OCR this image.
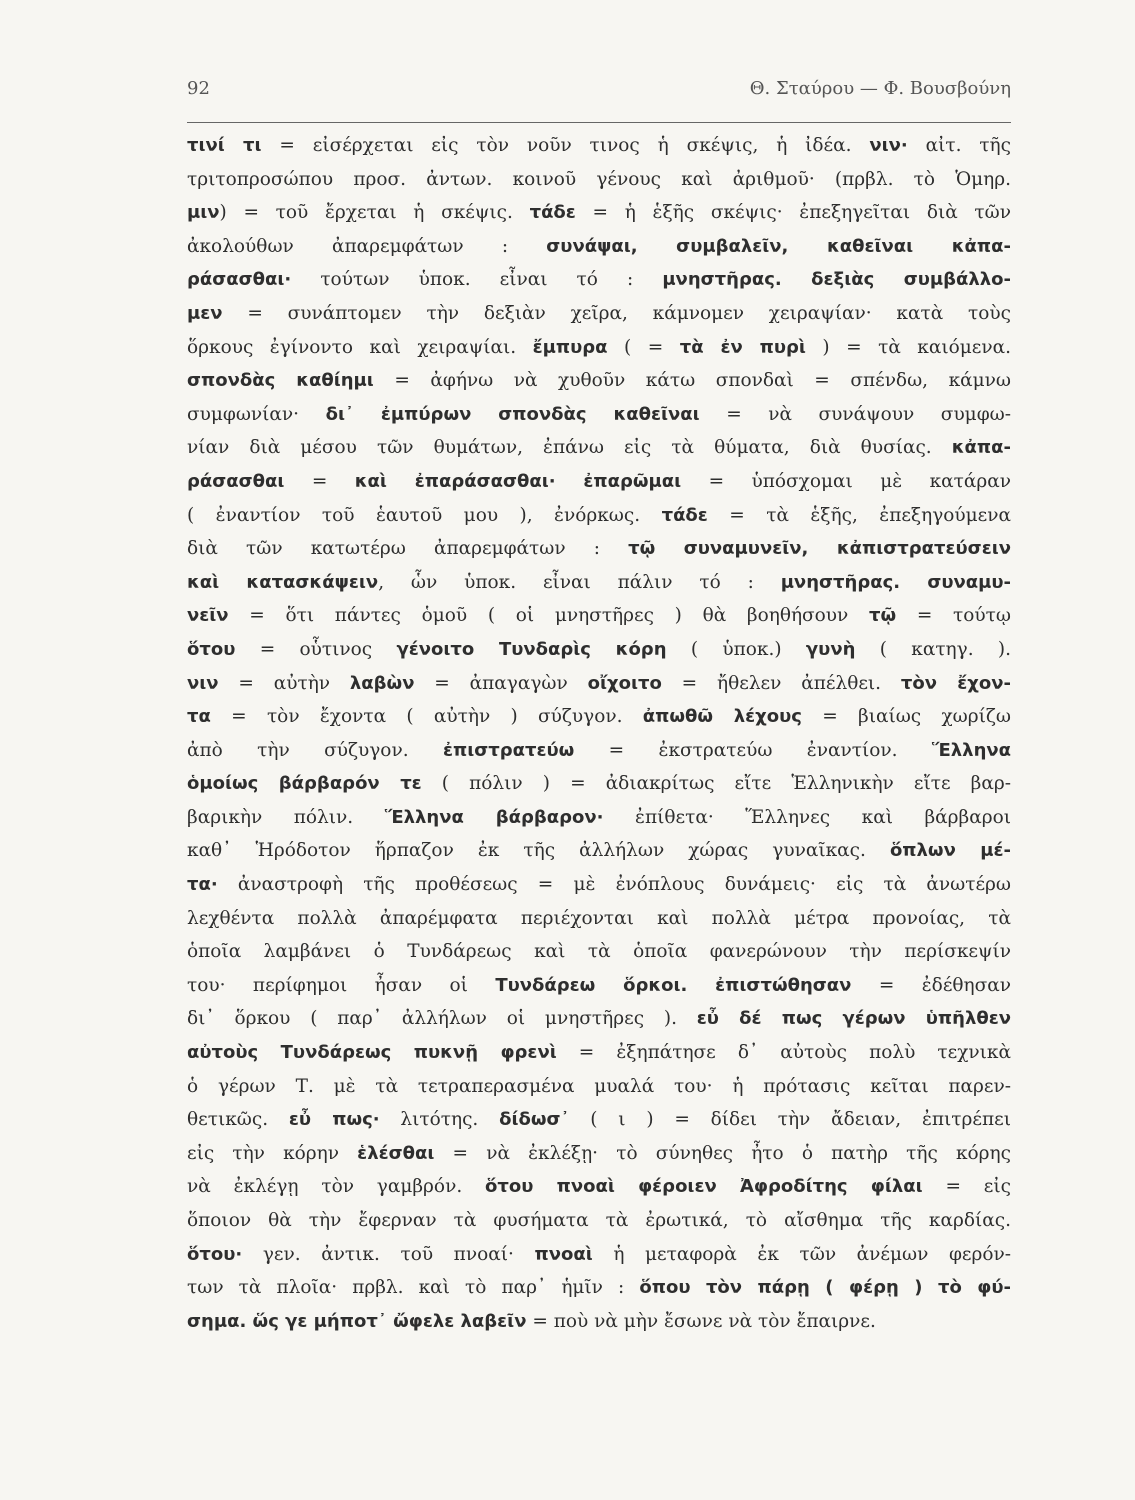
92	Θ. Σταύρου — Φ. Βουσβούνη
τινί τι = εἰσέρχεται εἰς τὸν νοῦν τινος ἡ σκέψις, ἡ ἰδέα. νιν· αἰτ. τῆς
τριτοπροσώπου προσ. ἀντων. κοινοῦ γένους καὶ ἀριθμοῦ· (πρβλ. τὸ Ὁμηρ.
μιν) = τοῦ ἔρχεται ἡ σκέψις. τάδε = ἡ ἑξῆς σκέψις· ἐπεξηγεῖται διὰ τῶν
ἀκολούθων ἀπαρεμφάτων : συνάψαι, συμβαλεῖν, καθεῖναι κἀπα-
ράσασθαι· τούτων ὑποκ. εἶναι τό : μνηστῆρας. δεξιὰς συμβάλλο-
μεν = συνάπτομεν τὴν δεξιὰν χεῖρα, κάμνομεν χειραψίαν· κατὰ τοὺς
ὅρκους ἐγίνοντο καὶ χειραψίαι. ἔμπυρα ( = τὰ ἐν πυρὶ ) = τὰ καιόμενα.
σπονδὰς καθίημι = ἀφήνω νὰ χυθοῦν κάτω σπονδαὶ = σπένδω, κάμνω
συμφωνίαν· δι᾽ ἐμπύρων σπονδὰς καθεῖναι = νὰ συνάψουν συμφω-
νίαν διὰ μέσου τῶν θυμάτων, ἐπάνω εἰς τὰ θύματα, διὰ θυσίας. κἀπα-
ράσασθαι = καὶ ἐπαράσασθαι· ἐπαρῶμαι = ὑπόσχομαι μὲ κατάραν
( ἐναντίον τοῦ ἑαυτοῦ μου ), ἐνόρκως. τάδε = τὰ ἑξῆς, ἐπεξηγούμενα
διὰ τῶν κατωτέρω ἀπαρεμφάτων : τῷ συναμυνεῖν, κἀπιστρατεύσειν
καὶ κατασκάψειν, ὧν ὑποκ. εἶναι πάλιν τό : μνηστῆρας. συναμυ-
νεῖν = ὅτι πάντες ὁμοῦ ( οἱ μνηστῆρες ) θὰ βοηθήσουν τῷ = τούτῳ
ὅτου = οὗτινος γένοιτο Τυνδαρὶς κόρη ( ὑποκ.) γυνὴ ( κατηγ. ).
νιν = αὐτὴν λαβὼν = ἀπαγαγὼν οἴχοιτο = ἤθελεν ἀπέλθει. τὸν ἔχον-
τα = τὸν ἔχοντα ( αὐτὴν ) σύζυγον. ἀπωθῶ λέχους = βιαίως χωρίζω
ἀπὸ τὴν σύζυγον. ἐπιστρατεύω = ἐκστρατεύω ἐναντίον. Ἕλληνα
ὁμοίως βάρβαρόν τε ( πόλιν ) = ἀδιακρίτως εἴτε Ἑλληνικὴν εἴτε βαρ-
βαρικὴν πόλιν. Ἕλληνα βάρβαρον· ἐπίθετα· Ἕλληνες καὶ βάρβαροι
καθ᾽ Ἡρόδοτον ἥρπαζον ἐκ τῆς ἀλλήλων χώρας γυναῖκας. ὅπλων μέ-
τα· ἀναστροφὴ τῆς προθέσεως = μὲ ἐνόπλους δυνάμεις· εἰς τὰ ἀνωτέρω
λεχθέντα πολλὰ ἀπαρέμφατα περιέχονται καὶ πολλὰ μέτρα προνοίας, τὰ
ὁποῖα λαμβάνει ὁ Τυνδάρεως καὶ τὰ ὁποῖα φανερώνουν τὴν περίσκεψίν
του· περίφημοι ἦσαν οἱ Τυνδάρεω ὅρκοι. ἐπιστώθησαν = ἐδέθησαν
δι᾽ ὅρκου ( παρ᾽ ἀλλήλων οἱ μνηστῆρες ). εὖ δέ πως γέρων ὑπῆλθεν
αὐτοὺς Τυνδάρεως πυκνῇ φρενὶ = ἐξηπάτησε δ᾽ αὐτοὺς πολὺ τεχνικὰ
ὁ γέρων Τ. μὲ τὰ τετραπερασμένα μυαλά του· ἡ πρότασις κεῖται παρεν-
θετικῶς. εὖ πως· λιτότης. δίδωσ᾽ ( ι ) = δίδει τὴν ἄδειαν, ἐπιτρέπει
εἰς τὴν κόρην ἑλέσθαι = νὰ ἐκλέξῃ· τὸ σύνηθες ἦτο ὁ πατὴρ τῆς κόρης
νὰ ἐκλέγῃ τὸν γαμβρόν. ὅτου πνοαὶ φέροιεν Ἀφροδίτης φίλαι = εἰς
ὅποιον θὰ τὴν ἔφερναν τὰ φυσήματα τὰ ἐρωτικά, τὸ αἴσθημα τῆς καρδίας.
ὅτου· γεν. ἀντικ. τοῦ πνοαί· πνοαὶ ἡ μεταφορὰ ἐκ τῶν ἀνέμων φερόν-
των τὰ πλοῖα· πρβλ. καὶ τὸ παρ᾽ ἡμῖν : ὅπου τὸν πάρῃ ( φέρῃ ) τὸ φύ-
σημα. ὥς γε μήποτ᾽ ὤφελε λαβεῖν = ποὺ νὰ μὴν ἔσωνε νὰ τὸν ἔπαιρνε.
